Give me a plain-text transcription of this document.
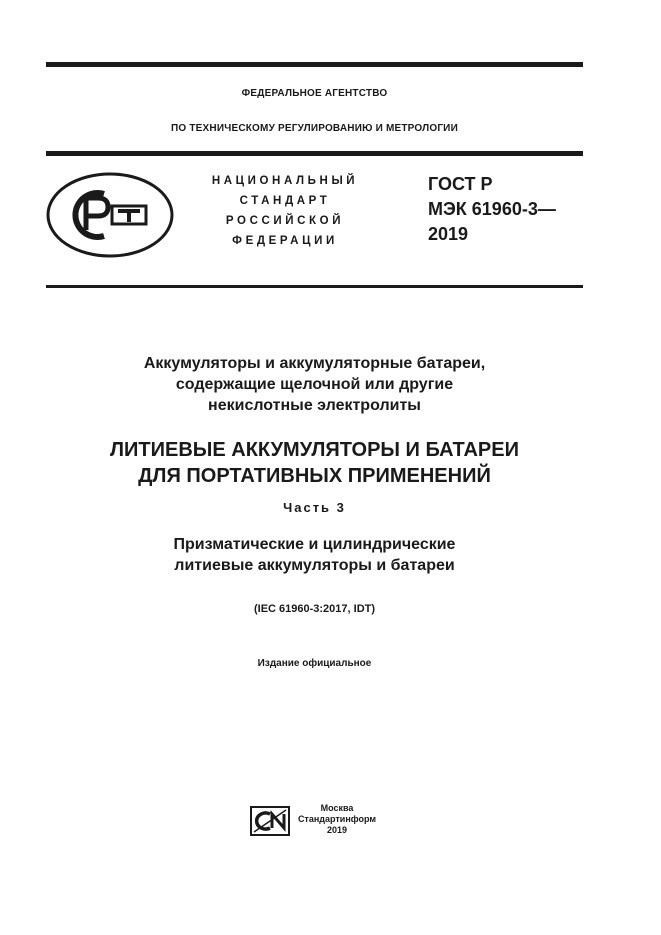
ФЕДЕРАЛЬНОЕ АГЕНТСТВО
ПО ТЕХНИЧЕСКОМУ РЕГУЛИРОВАНИЮ И МЕТРОЛОГИИ
НАЦИОНАЛЬНЫЙ
СТАНДАРТ
РОССИЙСКОЙ
ФЕДЕРАЦИИ
ГОСТ Р
МЭК 61960-3—
2019
Аккумуляторы и аккумуляторные батареи,
содержащие щелочной или другие
некислотные электролиты
ЛИТИЕВЫЕ АККУМУЛЯТОРЫ И БАТАРЕИ
ДЛЯ ПОРТАТИВНЫХ ПРИМЕНЕНИЙ
Часть 3
Призматические и цилиндрические
литиевые аккумуляторы и батареи
(IEC 61960-3:2017, IDT)
Издание официальное
Москва
Стандартинформ
2019
